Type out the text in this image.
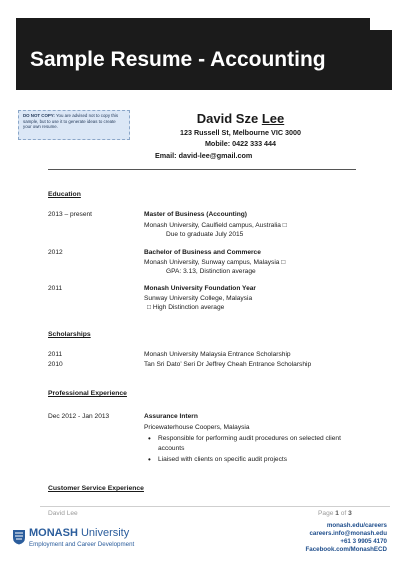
Sample Resume - Accounting
DO NOT COPY: You are advised not to copy this sample, but to use it to generate ideas to create your own resume.
David Sze Lee
123 Russell St, Melbourne VIC 3000
Mobile: 0422 333 444
Email: david-lee@gmail.com
Education
2013 – present	Master of Business (Accounting)
Monash University, Caulfield campus, Australia □
Due to graduate July 2015
2012	Bachelor of Business and Commerce
Monash University, Sunway campus, Malaysia □
GPA: 3.13, Distinction average
2011	Monash University Foundation Year
Sunway University College, Malaysia
□ High Distinction average
Scholarships
2011	Monash University Malaysia Entrance Scholarship
2010	Tan Sri Dato’ Seri Dr Jeffrey Cheah Entrance Scholarship
Professional Experience
Dec 2012 - Jan 2013	Assurance Intern
Pricewaterhouse Coopers, Malaysia
• Responsible for performing audit procedures on selected client
accounts
• Liaised with clients on specific audit projects
Customer Service Experience
David Lee	Page 1 of 3
MONASH University
Employment and Career Development
monash.edu/careers
careers.info@monash.edu
+61 3 9905 4170
Facebook.com/MonashECD
